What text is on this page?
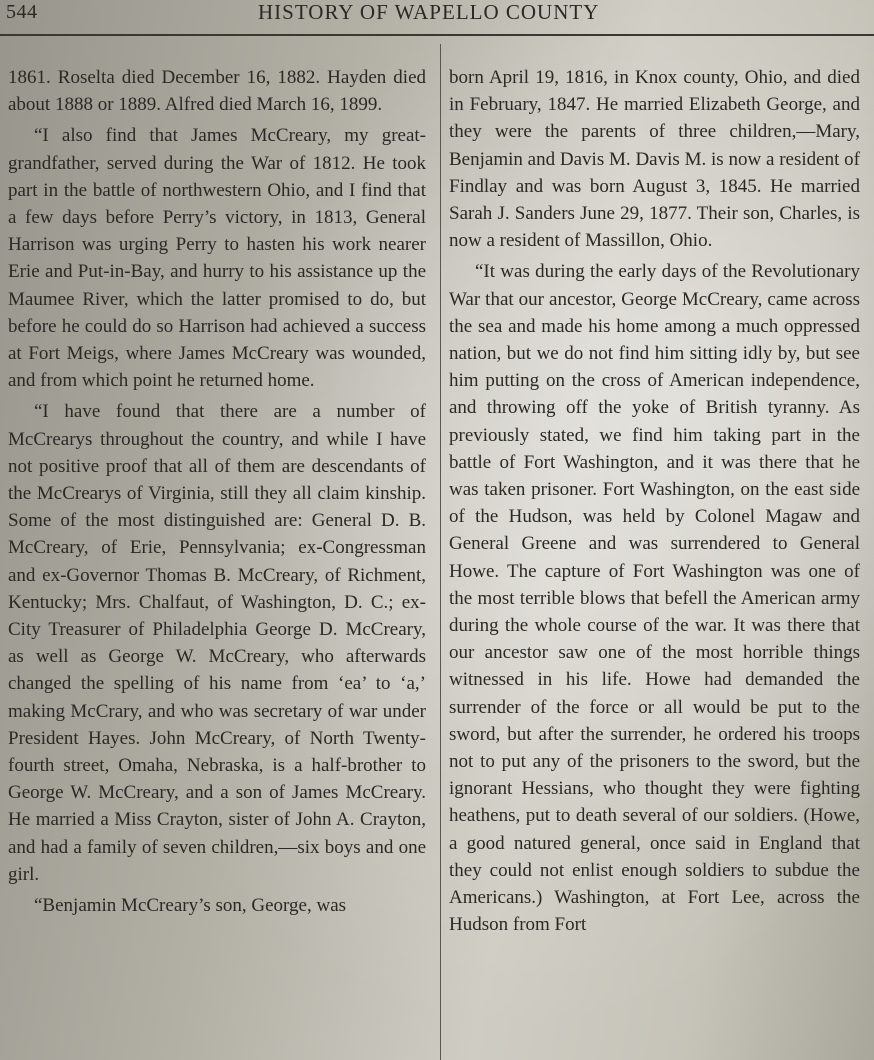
544	HISTORY OF WAPELLO COUNTY

1861. Roselta died December 16, 1882. Hayden died about 1888 or 1889. Alfred died March 16, 1899.

“I also find that James McCreary, my great-grandfather, served during the War of 1812. He took part in the battle of northwestern Ohio, and I find that a few days before Perry’s victory, in 1813, General Harrison was urging Perry to hasten his work nearer Erie and Put-in-Bay, and hurry to his assistance up the Maumee River, which the latter promised to do, but before he could do so Harrison had achieved a success at Fort Meigs, where James McCreary was wounded, and from which point he returned home.

“I have found that there are a number of McCrearys throughout the country, and while I have not positive proof that all of them are descendants of the McCrearys of Virginia, still they all claim kinship. Some of the most distinguished are: General D. B. McCreary, of Erie, Pennsylvania; ex-Congressman and ex-Governor Thomas B. McCreary, of Richment, Kentucky; Mrs. Chalfaut, of Washington, D. C.; ex-City Treasurer of Philadelphia George D. McCreary, as well as George W. McCreary, who afterwards changed the spelling of his name from ‘ea’ to ‘a,’ making McCrary, and who was secretary of war under President Hayes. John McCreary, of North Twenty-fourth street, Omaha, Nebraska, is a half-brother to George W. McCreary, and a son of James McCreary. He married a Miss Crayton, sister of John A. Crayton, and had a family of seven children,—six boys and one girl.

“Benjamin McCreary’s son, George, was

born April 19, 1816, in Knox county, Ohio, and died in February, 1847. He married Elizabeth George, and they were the parents of three children,—Mary, Benjamin and Davis M. Davis M. is now a resident of Findlay and was born August 3, 1845. He married Sarah J. Sanders June 29, 1877. Their son, Charles, is now a resident of Massillon, Ohio.

“It was during the early days of the Revolutionary War that our ancestor, George McCreary, came across the sea and made his home among a much oppressed nation, but we do not find him sitting idly by, but see him putting on the cross of American independence, and throwing off the yoke of British tyranny. As previously stated, we find him taking part in the battle of Fort Washington, and it was there that he was taken prisoner. Fort Washington, on the east side of the Hudson, was held by Colonel Magaw and General Greene and was surrendered to General Howe. The capture of Fort Washington was one of the most terrible blows that befell the American army during the whole course of the war. It was there that our ancestor saw one of the most horrible things witnessed in his life. Howe had demanded the surrender of the force or all would be put to the sword, but after the surrender, he ordered his troops not to put any of the prisoners to the sword, but the ignorant Hessians, who thought they were fighting heathens, put to death several of our soldiers. (Howe, a good natured general, once said in England that they could not enlist enough soldiers to subdue the Americans.) Washington, at Fort Lee, across the Hudson from Fort
